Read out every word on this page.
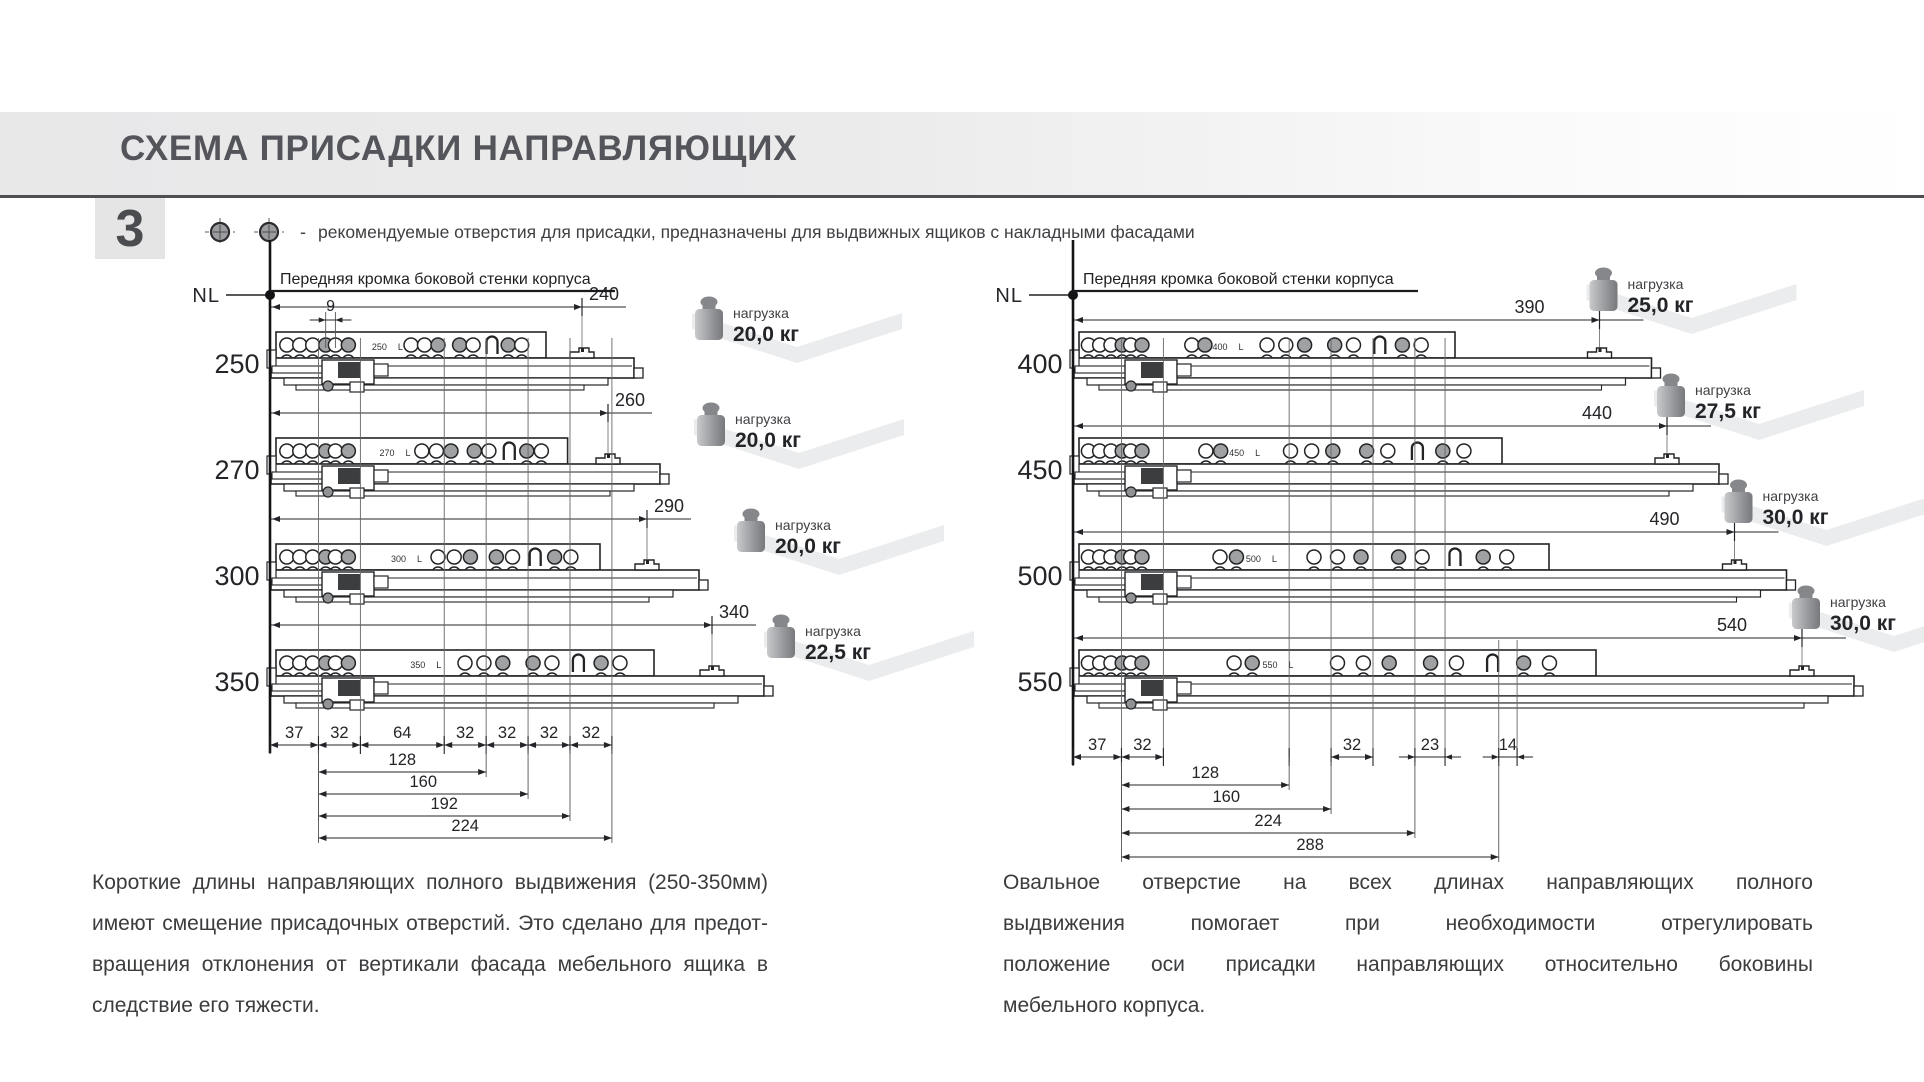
СХЕМА ПРИСАДКИ НАПРАВЛЯЮЩИХ
3	- рекомендуемые отверстия для присадки, предназначены для выдвижных ящиков с накладными фасадами
250
250 L
240
нагрузка
20,0 кг
270
270 L
260
нагрузка
20,0 кг
300
300 L
290
нагрузка
20,0 кг
350
350 L
340
нагрузка
22,5 кг
NL
Передняя кромка боковой стенки корпуса
9
37 32	64	32 32 32 32
128
160
192
224
400
400 L
390
нагрузка
25,0 кг
450
450 L
440
нагрузка
27,5 кг
500
500 L
490
нагрузка
30,0 кг
550
550 L
540
нагрузка
30,0 кг
NL
Передняя кромка боковой стенки корпуса
37 32	32	23	14
128
160
224
288
Короткие длины направляющих полного выдвижения (250-350мм)
имеют смещение присадочных отверстий. Это сделано для предот-
вращения отклонения от вертикали фасада мебельного ящика в
следствие его тяжести.
Овальное отверстие на всех длинах направляющих полного
выдвижения помогает при необходимости отрегулировать
положение оси присадки направляющих относительно боковины
мебельного корпуса.
